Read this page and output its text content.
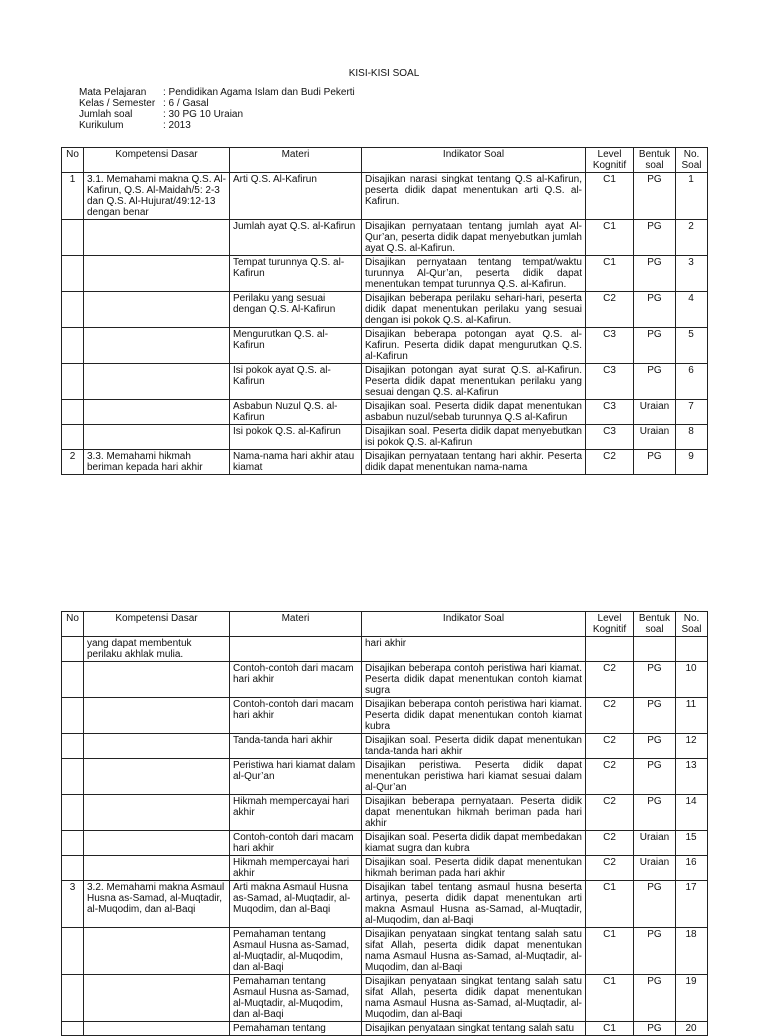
KISI-KISI SOAL
Mata Pelajaran	: Pendidikan Agama Islam dan Budi Pekerti
Kelas / Semester	: 6 / Gasal
Jumlah soal	: 30 PG 10 Uraian
Kurikulum	: 2013
No	Kompetensi Dasar	Materi	Indikator Soal	Level Kognitif	Bentuk soal	No. Soal
1	3.1. Memahami makna Q.S. Al-Kafirun, Q.S. Al-Maidah/5: 2-3 dan Q.S. Al-Hujurat/49:12-13 dengan benar	Arti Q.S. Al-Kafirun	Disajikan narasi singkat tentang Q.S al-Kafirun, peserta didik dapat menentukan arti Q.S. al-Kafirun.	C1	PG	1
		Jumlah ayat Q.S. al-Kafirun	Disajikan pernyataan tentang jumlah ayat Al-Qur’an, peserta didik dapat menyebutkan jumlah ayat Q.S. al-Kafirun.	C1	PG	2
		Tempat turunnya Q.S. al-Kafirun	Disajikan pernyataan tentang tempat/waktu turunnya Al-Qur’an, peserta didik dapat menentukan tempat turunnya Q.S. al-Kafirun.	C1	PG	3
		Perilaku yang sesuai dengan Q.S. Al-Kafirun	Disajikan beberapa perilaku sehari-hari, peserta didik dapat menentukan perilaku yang sesuai dengan isi pokok Q.S. al-Kafirun.	C2	PG	4
		Mengurutkan Q.S. al-Kafirun	Disajikan beberapa potongan ayat Q.S. al-Kafirun. Peserta didik dapat mengurutkan Q.S. al-Kafirun	C3	PG	5
		Isi pokok ayat Q.S. al-Kafirun	Disajikan potongan ayat surat Q.S. al-Kafirun. Peserta didik dapat menentukan perilaku yang sesuai dengan Q.S. al-Kafirun	C3	PG	6
		Asbabun Nuzul Q.S. al-Kafirun	Disajikan soal. Peserta didik dapat menentukan asbabun nuzul/sebab turunnya Q.S al-Kafirun	C3	Uraian	7
		Isi pokok Q.S. al-Kafirun	Disajikan soal. Peserta didik dapat menyebutkan isi pokok Q.S. al-Kafirun	C3	Uraian	8
2	3.3. Memahami hikmah beriman kepada hari akhir	Nama-nama hari akhir atau kiamat	Disajikan pernyataan tentang hari akhir. Peserta didik dapat menentukan nama-nama	C2	PG	9
No	Kompetensi Dasar	Materi	Indikator Soal	Level Kognitif	Bentuk soal	No. Soal
	yang dapat membentuk perilaku akhlak mulia.		hari akhir			
		Contoh-contoh dari macam hari akhir	Disajikan beberapa contoh peristiwa hari kiamat. Peserta didik dapat menentukan contoh kiamat sugra	C2	PG	10
		Contoh-contoh dari macam hari akhir	Disajikan beberapa contoh peristiwa hari kiamat. Peserta didik dapat menentukan contoh kiamat kubra	C2	PG	11
		Tanda-tanda hari akhir	Disajikan soal. Peserta didik dapat menentukan tanda-tanda hari akhir	C2	PG	12
		Peristiwa hari kiamat dalam al-Qur’an	Disajikan peristiwa. Peserta didik dapat menentukan peristiwa hari kiamat sesuai dalam al-Qur’an	C2	PG	13
		Hikmah mempercayai hari akhir	Disajikan beberapa pernyataan. Peserta didik dapat menentukan hikmah beriman pada hari akhir	C2	PG	14
		Contoh-contoh dari macam hari akhir	Disajikan soal. Peserta didik dapat membedakan kiamat sugra dan kubra	C2	Uraian	15
		Hikmah mempercayai hari akhir	Disajikan soal. Peserta didik dapat menentukan hikmah beriman pada hari akhir	C2	Uraian	16
3	3.2. Memahami makna Asmaul Husna as-Samad, al-Muqtadir, al-Muqodim, dan al-Baqi	Arti makna Asmaul Husna as-Samad, al-Muqtadir, al-Muqodim, dan al-Baqi	Disajikan tabel tentang asmaul husna beserta artinya, peserta didik dapat menentukan arti makna Asmaul Husna as-Samad, al-Muqtadir, al-Muqodim, dan al-Baqi	C1	PG	17
		Pemahaman tentang Asmaul Husna as-Samad, al-Muqtadir, al-Muqodim, dan al-Baqi	Disajikan penyataan singkat tentang salah satu sifat Allah, peserta didik dapat menentukan nama Asmaul Husna as-Samad, al-Muqtadir, al-Muqodim, dan al-Baqi	C1	PG	18
		Pemahaman tentang Asmaul Husna as-Samad, al-Muqtadir, al-Muqodim, dan al-Baqi	Disajikan penyataan singkat tentang salah satu sifat Allah, peserta didik dapat menentukan nama Asmaul Husna as-Samad, al-Muqtadir, al-Muqodim, dan al-Baqi	C1	PG	19
		Pemahaman tentang	Disajikan penyataan singkat tentang salah satu	C1	PG	20
